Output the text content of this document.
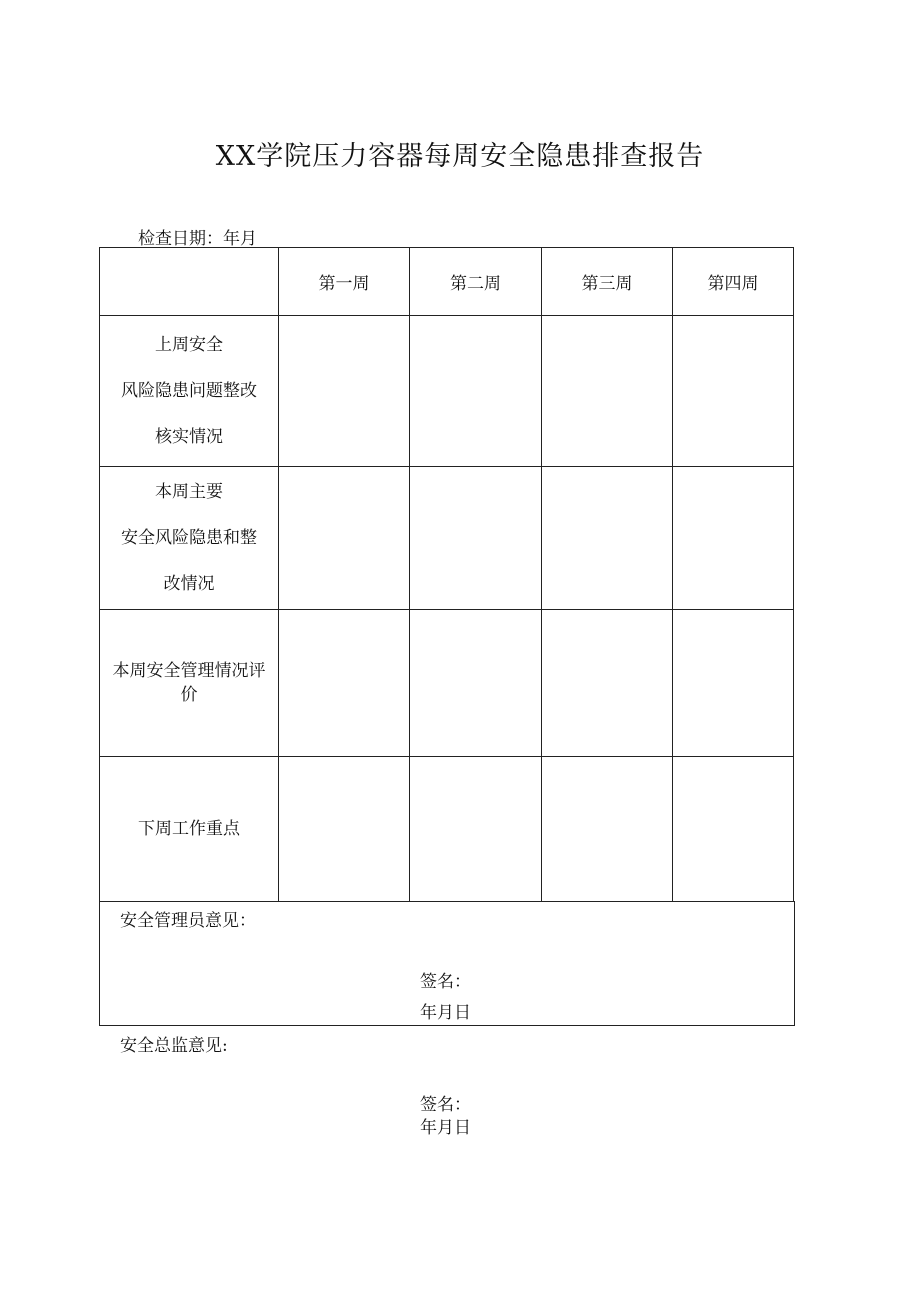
XX学院压力容器每周安全隐患排查报告
检查日期：年月
	第一周	第二周	第三周	第四周

上周安全
风险隐患问题整改
核实情况				

本周主要
安全风险隐患和整
改情况				

本周安全管理情况评
价				

下周工作重点				

安全管理员意见：
签名：
年月日
安全总监意见:
签名：
年月日
